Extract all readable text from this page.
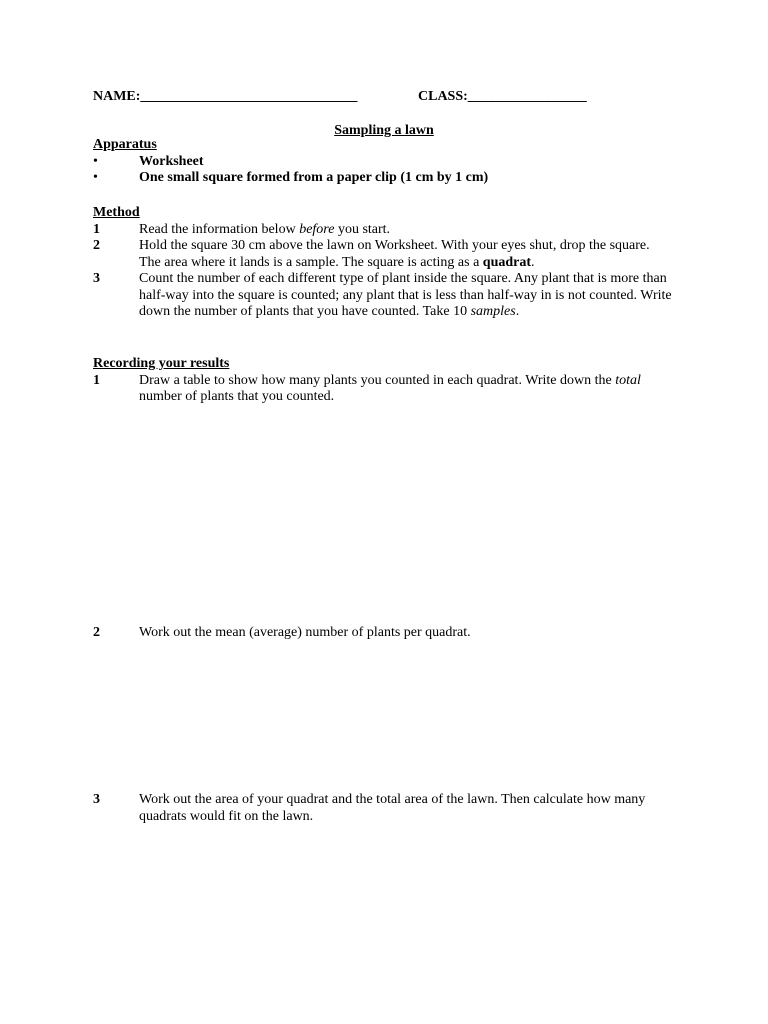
NAME:_______________________________	CLASS:_________________
Sampling a lawn
Apparatus
•	Worksheet
•	One small square formed from a paper clip (1 cm by 1 cm)
Method
1	Read the information below before you start.
2	Hold the square 30 cm above the lawn on Worksheet. With your eyes shut, drop the square. The area where it lands is a sample. The square is acting as a quadrat.
3	Count the number of each different type of plant inside the square. Any plant that is more than half-way into the square is counted; any plant that is less than half-way in is not counted. Write down the number of plants that you have counted. Take 10 samples.
Recording your results
1	Draw a table to show how many plants you counted in each quadrat. Write down the total number of plants that you counted.
2	Work out the mean (average) number of plants per quadrat.
3	Work out the area of your quadrat and the total area of the lawn. Then calculate how many quadrats would fit on the lawn.
